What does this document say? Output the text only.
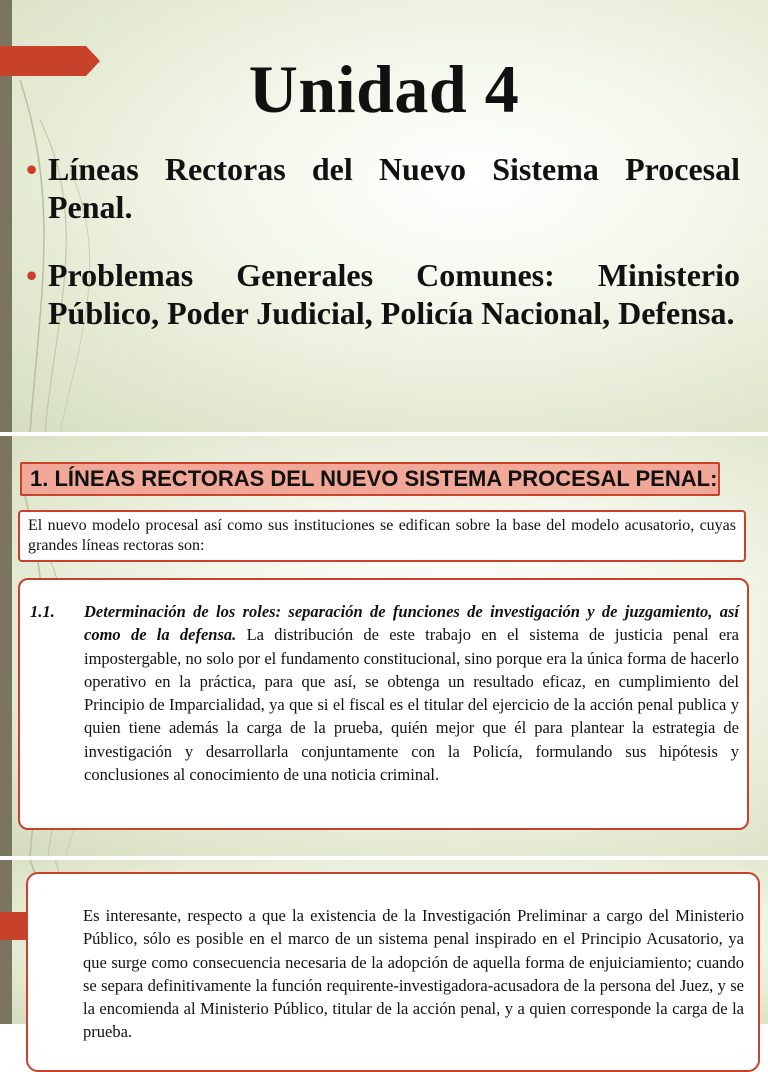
Unidad 4
• Líneas Rectoras del Nuevo Sistema Procesal Penal.
• Problemas Generales Comunes: Ministerio Público, Poder Judicial, Policía Nacional, Defensa.
1. LÍNEAS RECTORAS DEL NUEVO SISTEMA PROCESAL PENAL:
El nuevo modelo procesal así como sus instituciones se edifican sobre la base del modelo acusatorio, cuyas grandes líneas rectoras son:
1.1. Determinación de los roles: separación de funciones de investigación y de juzgamiento, así como de la defensa. La distribución de este trabajo en el sistema de justicia penal era impostergable, no solo por el fundamento constitucional, sino porque era la única forma de hacerlo operativo en la práctica, para que así, se obtenga un resultado eficaz, en cumplimiento del Principio de Imparcialidad, ya que si el fiscal es el titular del ejercicio de la acción penal publica y quien tiene además la carga de la prueba, quién mejor que él para plantear la estrategia de investigación y desarrollarla conjuntamente con la Policía, formulando sus hipótesis y conclusiones al conocimiento de una noticia criminal.
Es interesante, respecto a que la existencia de la Investigación Preliminar a cargo del Ministerio Público, sólo es posible en el marco de un sistema penal inspirado en el Principio Acusatorio, ya que surge como consecuencia necesaria de la adopción de aquella forma de enjuiciamiento; cuando se separa definitivamente la función requirente-investigadora-acusadora de la persona del Juez, y se la encomienda al Ministerio Público, titular de la acción penal, y a quien corresponde la carga de la prueba.
